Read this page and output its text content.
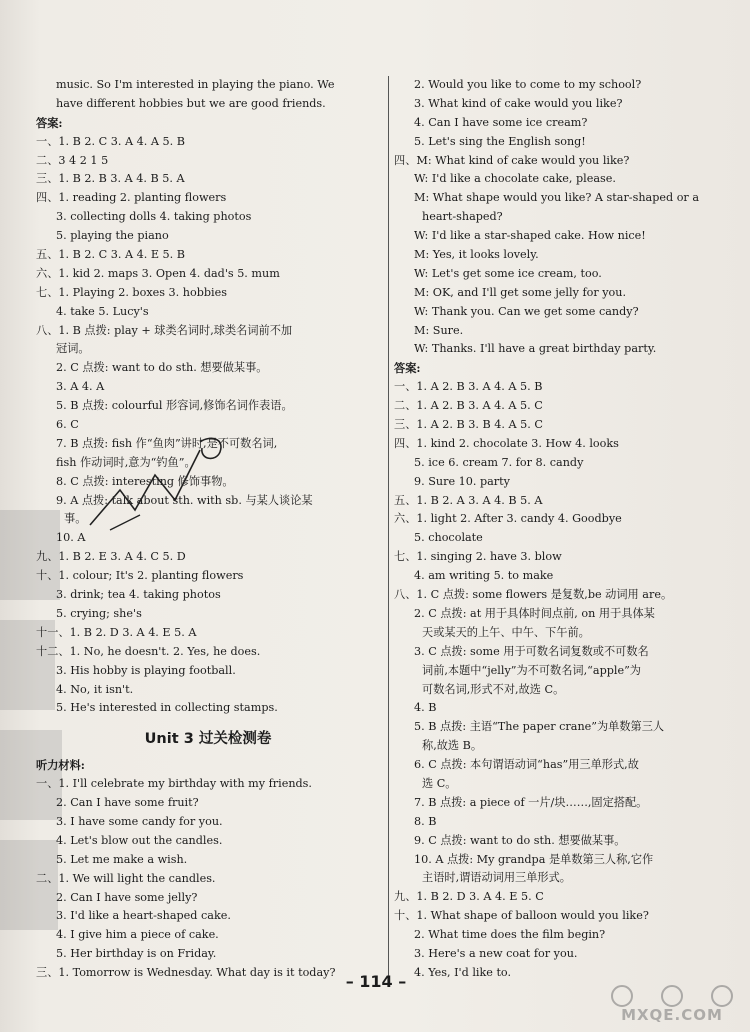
music. So I'm interested in playing the piano. We
have different hobbies but we are good friends.
答案:
一、1. B 2. C 3. A 4. A 5. B
二、3 4 2 1 5
三、1. B 2. B 3. A 4. B 5. A
四、1. reading 2. planting flowers
3. collecting dolls 4. taking photos
5. playing the piano
五、1. B 2. C 3. A 4. E 5. B
六、1. kid 2. maps 3. Open 4. dad's 5. mum
七、1. Playing 2. boxes 3. hobbies
4. take 5. Lucy's
八、1. B 点拨: play + 球类名词时,球类名词前不加
冠词。
2. C 点拨: want to do sth. 想要做某事。
3. A 4. A
5. B 点拨: colourful 形容词,修饰名词作表语。
6. C
7. B 点拨: fish 作“鱼肉”讲时,是不可数名词,
fish 作动词时,意为“钓鱼”。
8. C 点拨: interesting 修饰事物。
9. A 点拨: talk about sth. with sb. 与某人谈论某
事。
10. A
九、1. B 2. E 3. A 4. C 5. D
十、1. colour; It's 2. planting flowers
3. drink; tea 4. taking photos
5. crying; she's
十一、1. B 2. D 3. A 4. E 5. A
十二、1. No, he doesn't. 2. Yes, he does.
3. His hobby is playing football.
4. No, it isn't.
5. He's interested in collecting stamps.
Unit 3 过关检测卷
听力材料:
一、1. I'll celebrate my birthday with my friends.
2. Can I have some fruit?
3. I have some candy for you.
4. Let's blow out the candles.
5. Let me make a wish.
二、1. We will light the candles.
2. Can I have some jelly?
3. I'd like a heart-shaped cake.
4. I give him a piece of cake.
5. Her birthday is on Friday.
三、1. Tomorrow is Wednesday. What day is it today?
2. Would you like to come to my school?
3. What kind of cake would you like?
4. Can I have some ice cream?
5. Let's sing the English song!
四、M: What kind of cake would you like?
W: I'd like a chocolate cake, please.
M: What shape would you like? A star-shaped or a
heart-shaped?
W: I'd like a star-shaped cake. How nice!
M: Yes, it looks lovely.
W: Let's get some ice cream, too.
M: OK, and I'll get some jelly for you.
W: Thank you. Can we get some candy?
M: Sure.
W: Thanks. I'll have a great birthday party.
答案:
一、1. A 2. B 3. A 4. A 5. B
二、1. A 2. B 3. A 4. A 5. C
三、1. A 2. B 3. B 4. A 5. C
四、1. kind 2. chocolate 3. How 4. looks
5. ice 6. cream 7. for 8. candy
9. Sure 10. party
五、1. B 2. A 3. A 4. B 5. A
六、1. light 2. After 3. candy 4. Goodbye
5. chocolate
七、1. singing 2. have 3. blow
4. am writing 5. to make
八、1. C 点拨: some flowers 是复数,be 动词用 are。
2. C 点拨: at 用于具体时间点前, on 用于具体某
天或某天的上午、中午、下午前。
3. C 点拨: some 用于可数名词复数或不可数名
词前,本题中“jelly”为不可数名词,“apple”为
可数名词,形式不对,故选 C。
4. B
5. B 点拨: 主语“The paper crane”为单数第三人
称,故选 B。
6. C 点拨: 本句谓语动词“has”用三单形式,故
选 C。
7. B 点拨: a piece of 一片/块……,固定搭配。
8. B
9. C 点拨: want to do sth. 想要做某事。
10. A 点拨: My grandpa 是单数第三人称,它作
主语时,谓语动词用三单形式。
九、1. B 2. D 3. A 4. E 5. C
十、1. What shape of balloon would you like?
2. What time does the film begin?
3. Here's a new coat for you.
4. Yes, I'd like to.
– 114 –
MXQE.COM
